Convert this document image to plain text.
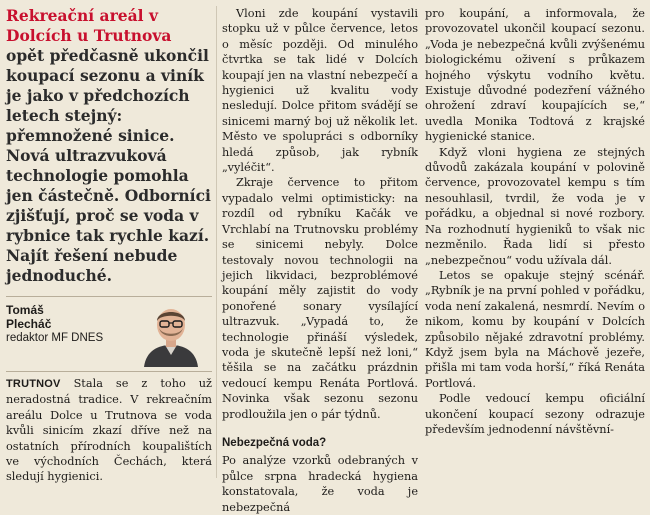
Rekreační areál v Dolcích u Trutnova opět předčasně ukončil koupací sezonu a viník je jako v předchozích letech stejný: přemnožené sinice. Nová ultrazvuková technologie pomohla jen částečně. Odborníci zjišťují, proč se voda v rybnice tak rychle kazí. Najít řešení nebude jednoduché.
Tomáš
Plecháč
redaktor MF DNES

TRUTNOV Stala se z toho už neradostná tradice. V rekreačním areálu Dolce u Trutnova se voda kvůli sinicím zkazí dříve než na ostatních přírodních koupalištích ve východních Čechách, která sledují hygienici.

Vloni zde koupání vystavili stopku už v půlce července, letos o měsíc později. Od minulého čtvrtka se tak lidé v Dolcích koupají jen na vlastní nebezpečí a hygienici už kvalitu vody nesledují. Dolce přitom svádějí se sinicemi marný boj už několik let. Město ve spolupráci s odborníky hledá způsob, jak rybník „vyléčit“.

Zkraje července to přitom vypadalo velmi optimisticky: na rozdíl od rybníku Kačák ve Vrchlabí na Trutnovsku problémy se sinicemi nebyly. Dolce testovaly novou technologii na jejich likvidaci, bezproblémové koupání měly zajistit do vody ponořené sonary vysílající ultrazvuk. „Vypadá to, že technologie přináší výsledek, voda je skutečně lepší než loni,“ těšila se na začátku prázdnin vedoucí kempu Renáta Portlová. Novinka však sezonu sezonu prodloužila jen o pár týdnů.

Nebezpečná voda?

Po analýze vzorků odebraných v půlce srpna hradecká hygiena konstatovala, že voda je nebezpečná

pro koupání, a informovala, že provozovatel ukončil koupací sezonu. „Voda je nebezpečná kvůli zvýšenému biologickému oživení s průkazem hojného výskytu vodního květu. Existuje důvodné podezření vážného ohrožení zdraví koupajících se,“ uvedla Monika Todtová z krajské hygienické stanice.

Když vloni hygiena ze stejných důvodů zakázala koupání v polovině července, provozovatel kempu s tím nesouhlasil, tvrdil, že voda je v pořádku, a objednal si nové rozbory. Na rozhodnutí hygieniků to však nic nezměnilo. Řada lidí si přesto „nebezpečnou“ vodu užívala dál.

Letos se opakuje stejný scénář. „Rybník je na první pohled v pořádku, voda není zakalená, nesmrdí. Nevím o nikom, komu by koupání v Dolcích způsobilo nějaké zdravotní problémy. Když jsem byla na Máchově jezeře, přišla mi tam voda horší,“ říká Renáta Portlová.

Podle vedoucí kempu oficiální ukončení koupací sezony odrazuje především jednodenní návštěvní-
